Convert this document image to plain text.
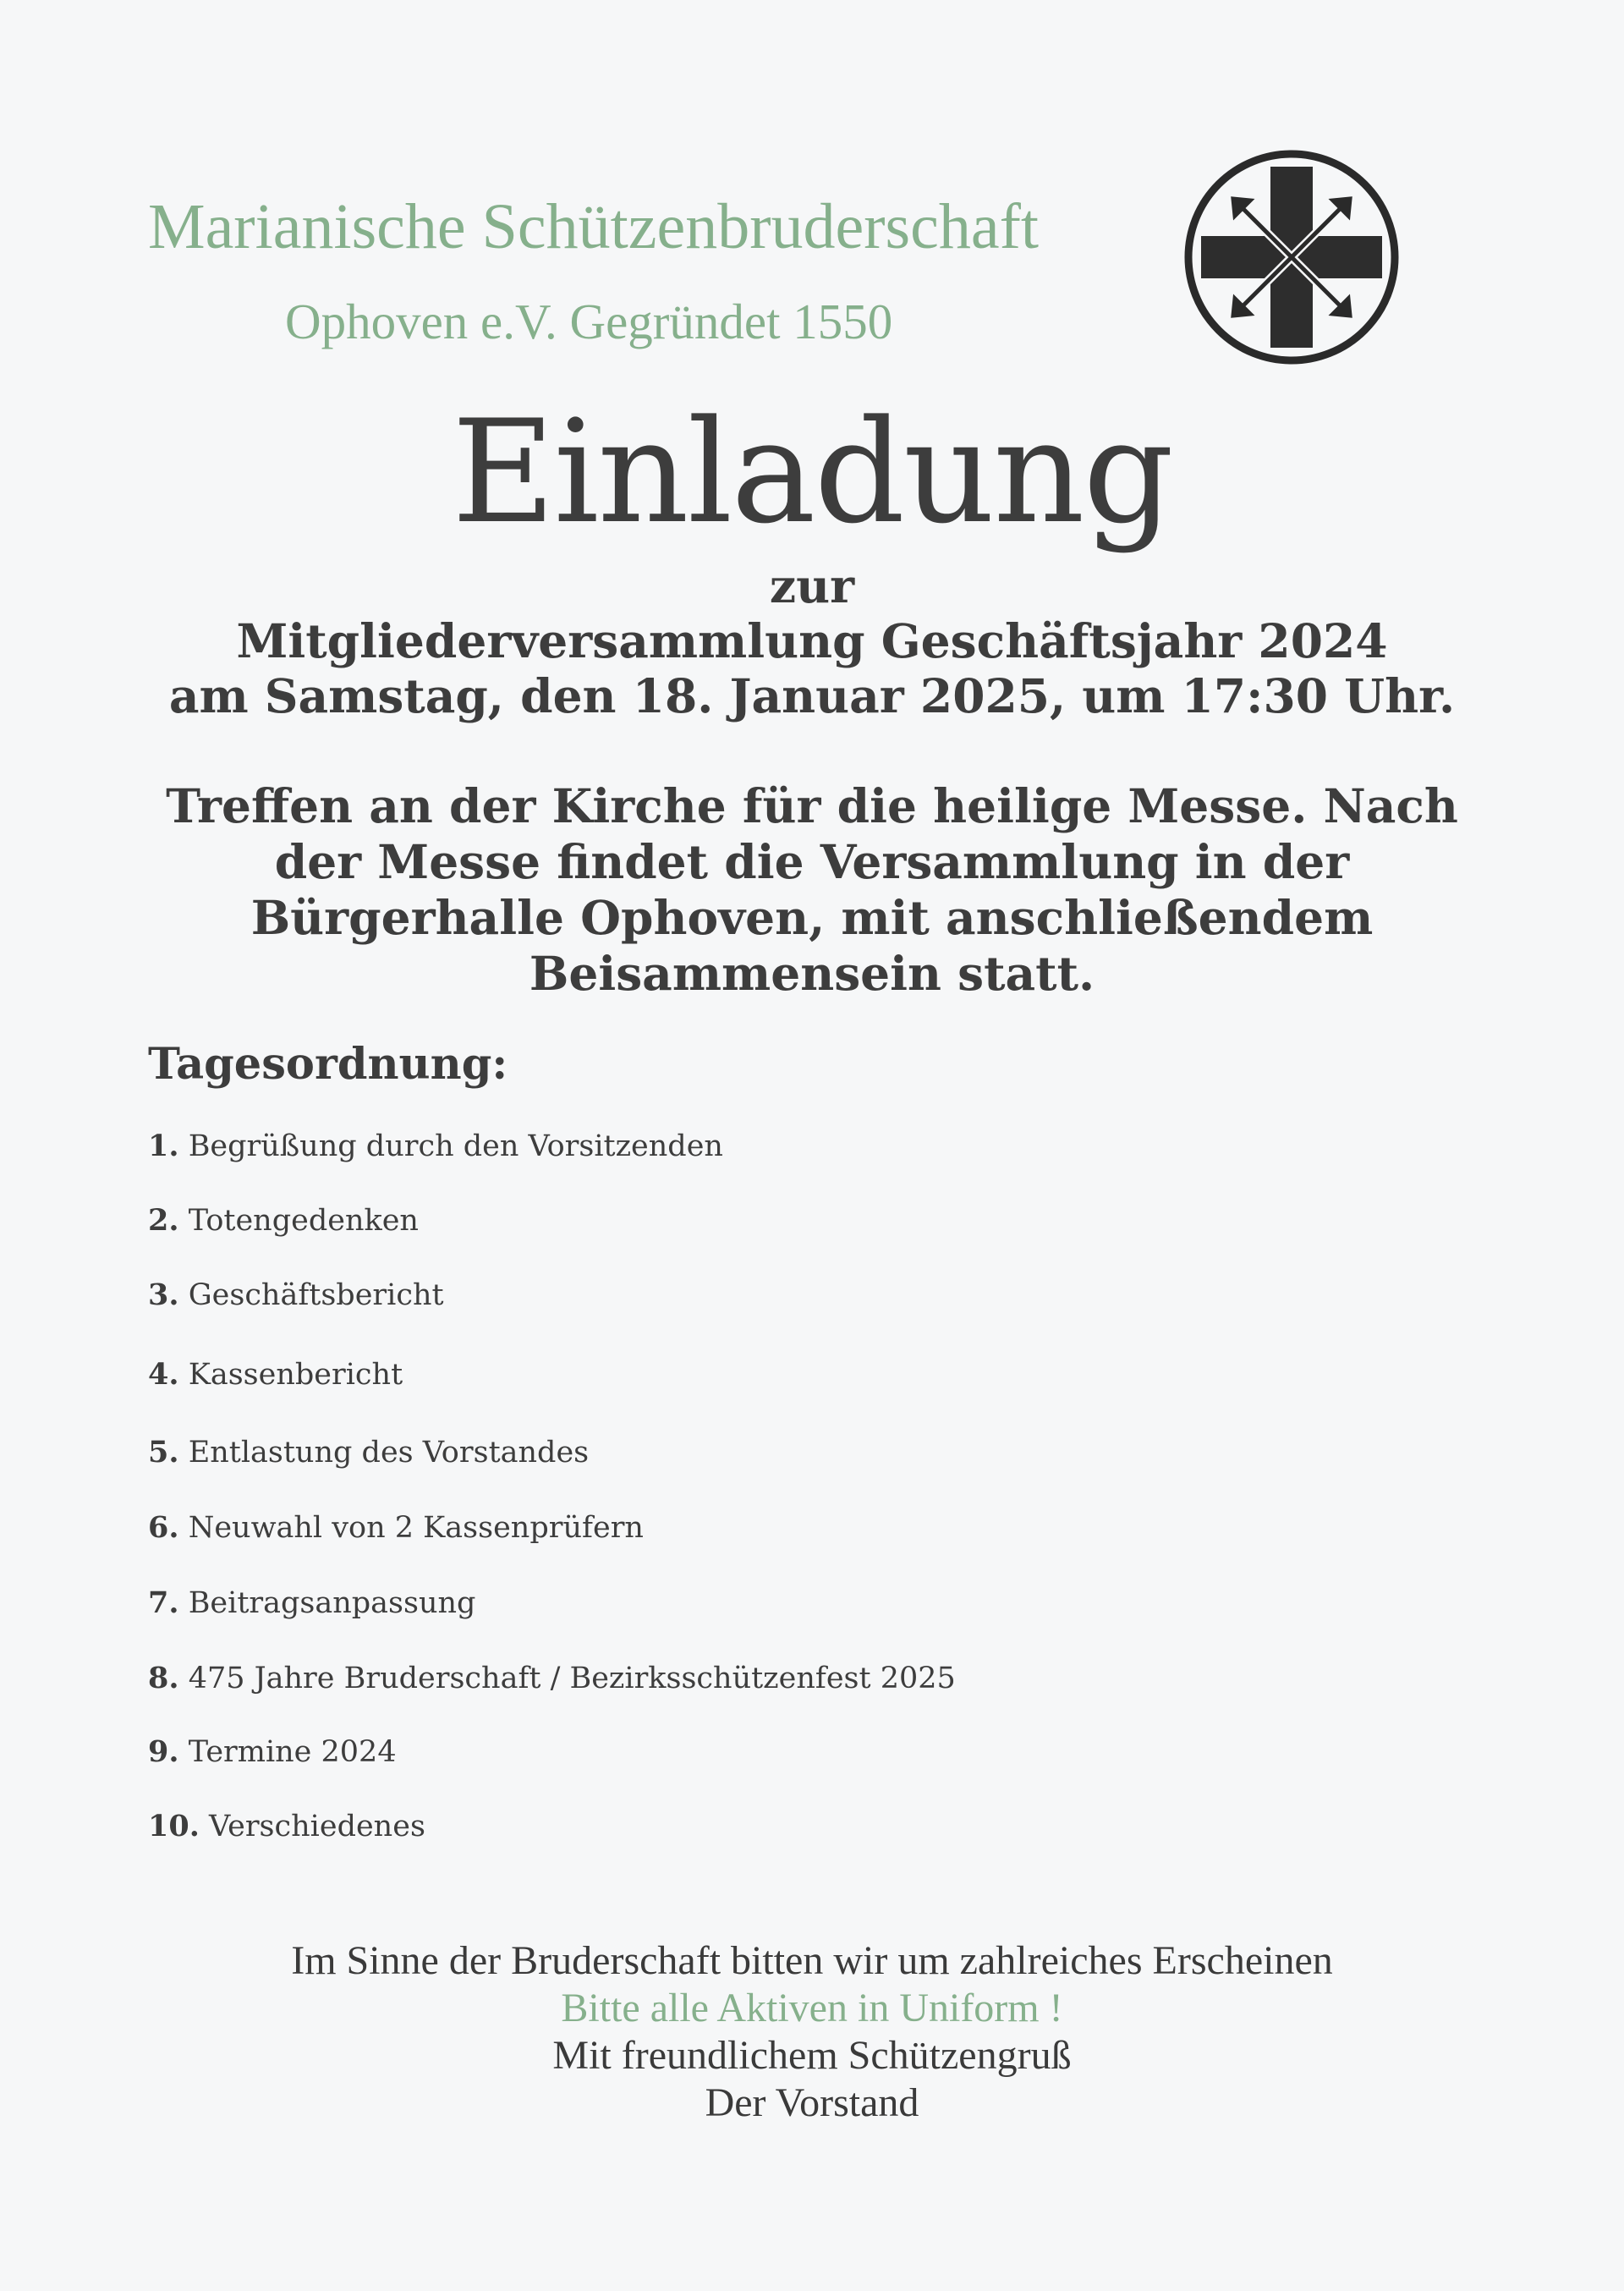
Marianische Schützenbruderschaft
Ophoven e.V. Gegründet 1550
Einladung
zur
Mitgliederversammlung Geschäftsjahr 2024
am Samstag, den 18. Januar 2025, um 17:30 Uhr.
Treffen an der Kirche für die heilige Messe. Nach
der Messe findet die Versammlung in der
Bürgerhalle Ophoven, mit anschließendem
Beisammensein statt.
Tagesordnung:
1. Begrüßung durch den Vorsitzenden
2. Totengedenken
3. Geschäftsbericht
4. Kassenbericht
5. Entlastung des Vorstandes
6. Neuwahl von 2 Kassenprüfern
7. Beitragsanpassung
8. 475 Jahre Bruderschaft / Bezirksschützenfest 2025
9. Termine 2024
10. Verschiedenes
Im Sinne der Bruderschaft bitten wir um zahlreiches Erscheinen
Bitte alle Aktiven in Uniform !
Mit freundlichem Schützengruß
Der Vorstand
